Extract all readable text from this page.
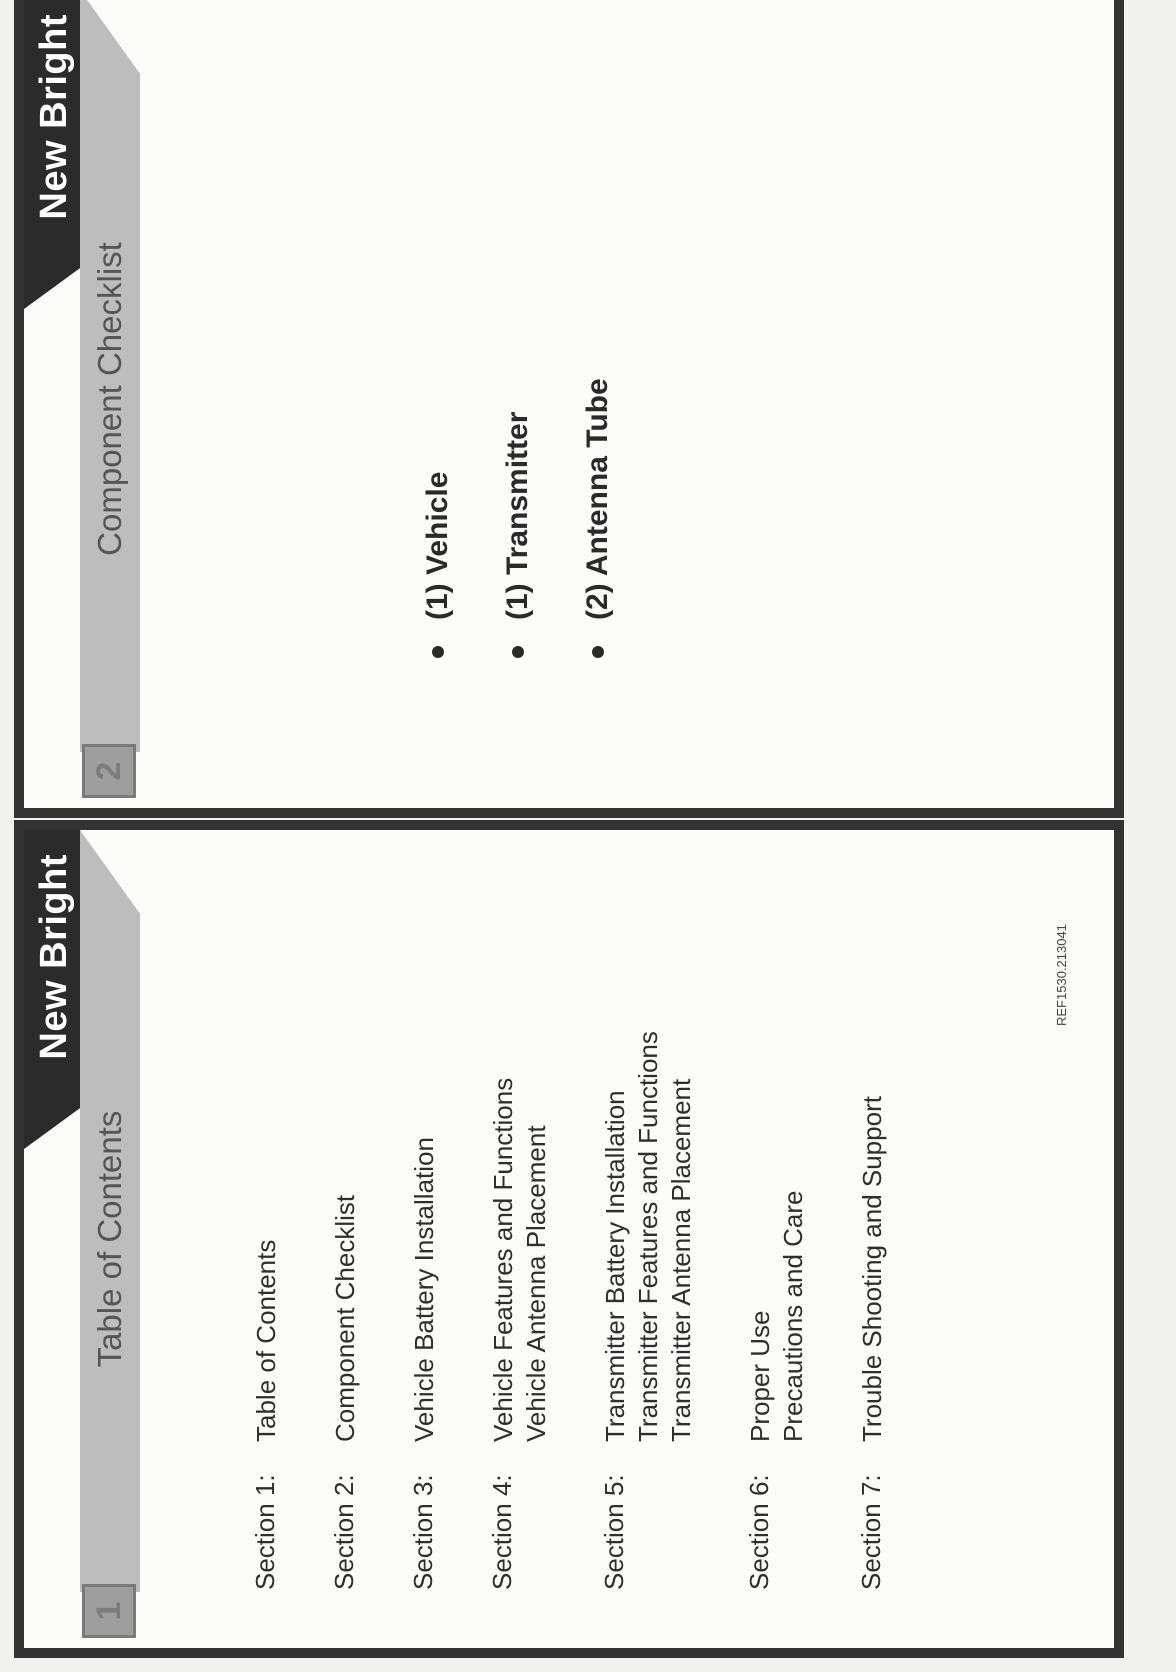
New Bright
Table of Contents
1
Section 1:
Table of Contents
Section 2:
Component Checklist
Section 3:
Vehicle Battery Installation
Section 4:
Vehicle Features and Functions Vehicle Antenna Placement
Section 5:
Transmitter Battery Installation Transmitter Features and Functions Transmitter Antenna Placement
Section 6:
Proper Use Precautions and Care
Section 7:
Trouble Shooting and Support
REF1530.213041
New Bright
Component Checklist
2
(1) Vehicle (1) Transmitter (2) Antenna Tube
